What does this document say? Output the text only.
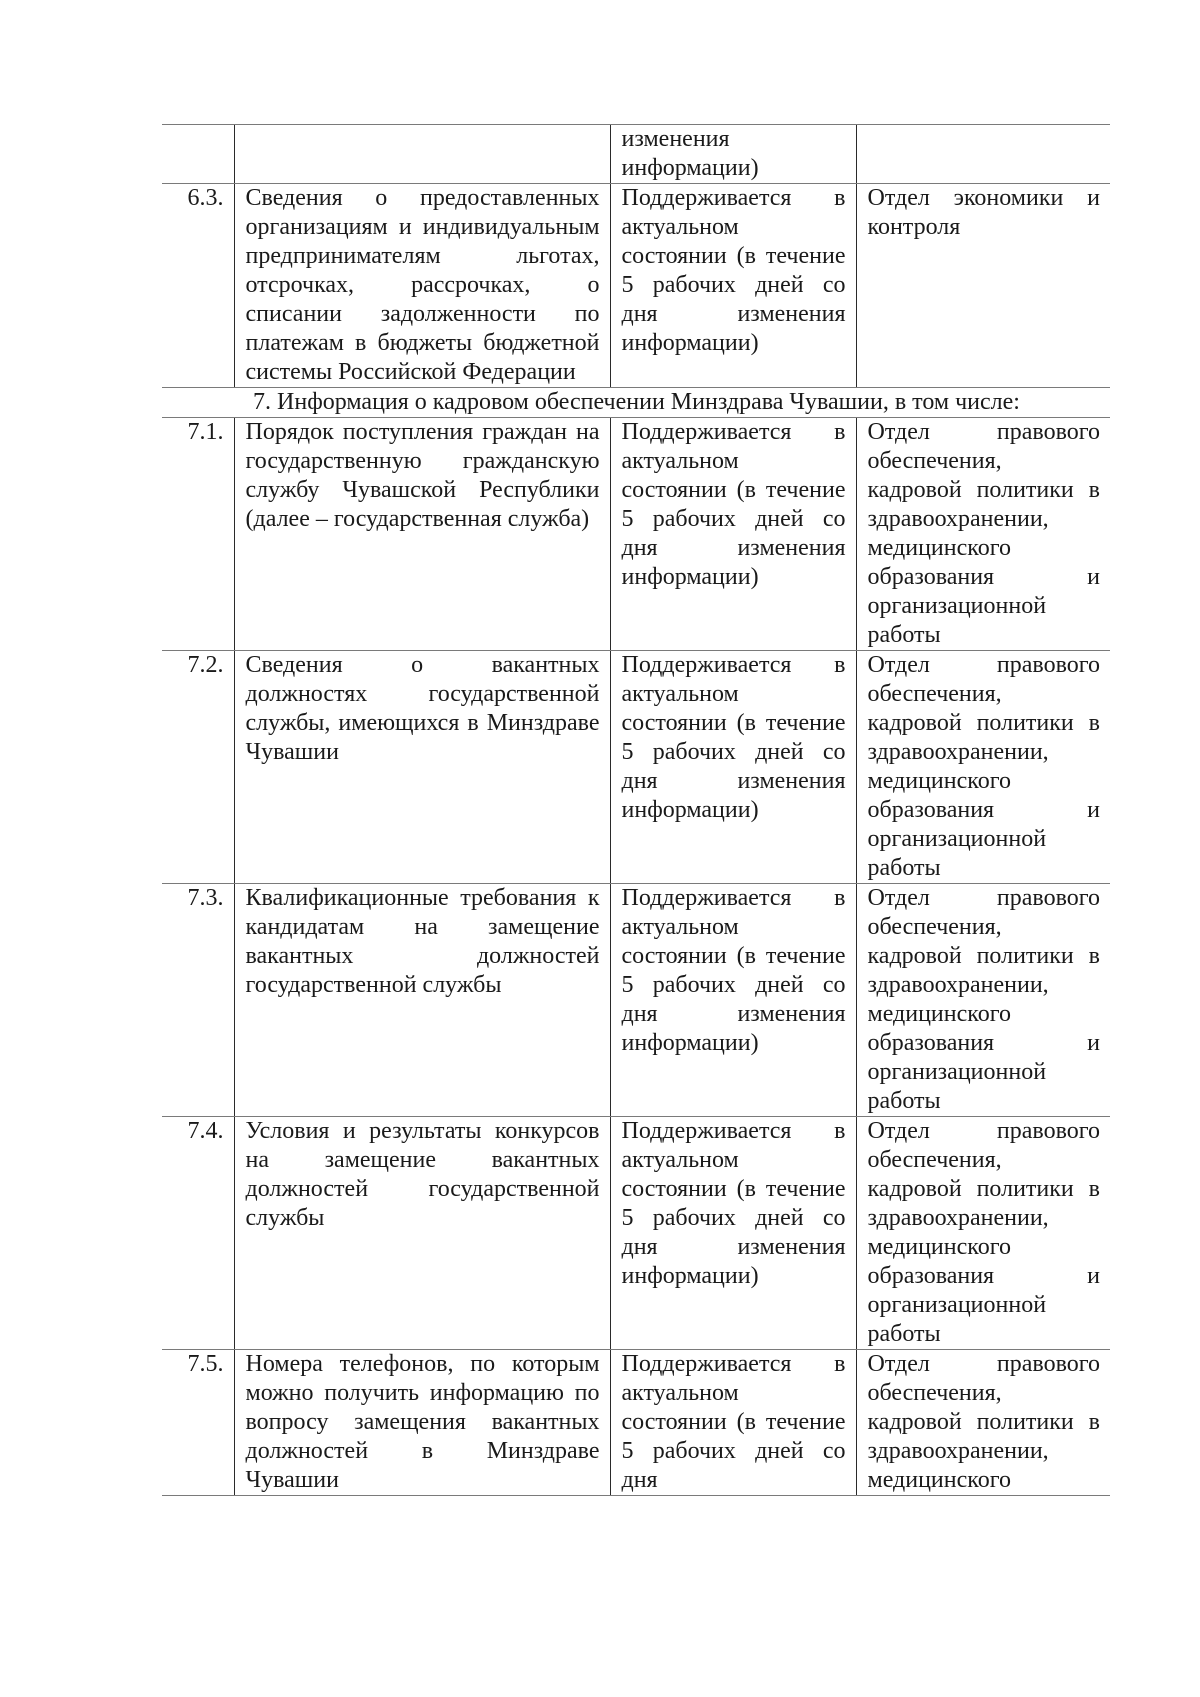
		изменения информации)	
6.3.	Сведения о предоставленных организациям и индивидуальным предпринимателям льготах, отсрочках, рассрочках, о списании задолженности по платежам в бюджеты бюджетной системы Российской Федерации	Поддерживается в актуальном состоянии (в течение 5 рабочих дней со дня изменения информации)	Отдел экономики и контроля
7. Информация о кадровом обеспечении Минздрава Чувашии, в том числе:			
7.1.	Порядок поступления граждан на государственную гражданскую службу Чувашской Республики (далее – государственная служба)	Поддерживается в актуальном состоянии (в течение 5 рабочих дней со дня изменения информации)	Отдел правового обеспечения, кадровой политики в здравоохранении, медицинского образования и организационной работы
7.2.	Сведения о вакантных должностях государственной службы, имеющихся в Минздраве Чувашии	Поддерживается в актуальном состоянии (в течение 5 рабочих дней со дня изменения информации)	Отдел правового обеспечения, кадровой политики в здравоохранении, медицинского образования и организационной работы
7.3.	Квалификационные требования к кандидатам на замещение вакантных должностей государственной службы	Поддерживается в актуальном состоянии (в течение 5 рабочих дней со дня изменения информации)	Отдел правового обеспечения, кадровой политики в здравоохранении, медицинского образования и организационной работы
7.4.	Условия и результаты конкурсов на замещение вакантных должностей государственной службы	Поддерживается в актуальном состоянии (в течение 5 рабочих дней со дня изменения информации)	Отдел правового обеспечения, кадровой политики в здравоохранении, медицинского образования и организационной работы
7.5.	Номера телефонов, по которым можно получить информацию по вопросу замещения вакантных должностей в Минздраве Чувашии	Поддерживается в актуальном состоянии (в течение 5 рабочих дней со дня	Отдел правового обеспечения, кадровой политики в здравоохранении, медицинского
